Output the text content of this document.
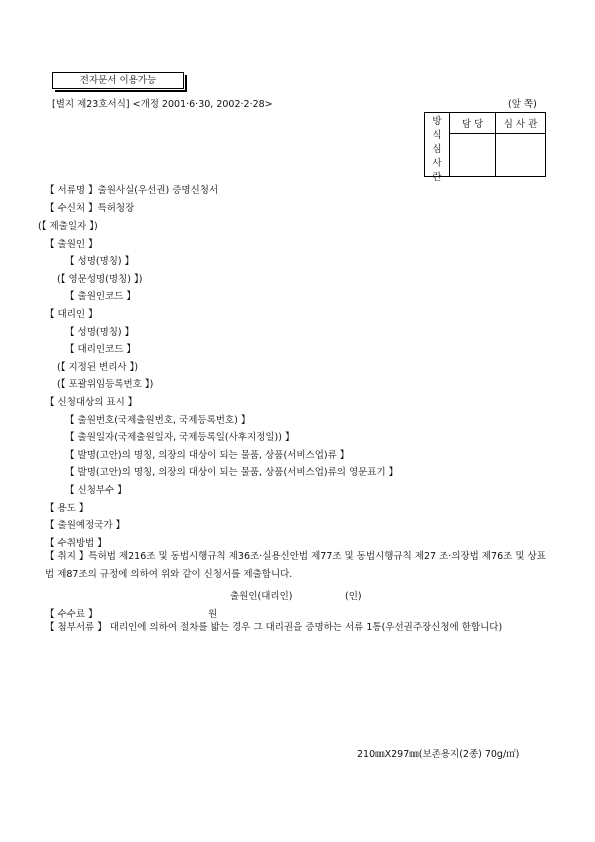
전자문서 이용가능
[별지 제23호서식] <개정 2001·6·30, 2002·2·28>	(앞 쪽)
방
식
심
사
란	담 당	심 사 관

【 서류명 】출원사실(우선권) 증명신청서
【 수신처 】특허청장
(【 제출일자 】)
【 출원인 】
【 성명(명칭) 】
(【 영문성명(명칭) 】)
【 출원인코드 】
【 대리인 】
【 성명(명칭) 】
【 대리인코드 】
(【 지정된 변리사 】)
(【 포괄위임등록번호 】)
【 신청대상의 표시 】
【 출원번호(국제출원번호, 국제등록번호) 】
【 출원일자(국제출원일자, 국제등록일(사후지정일)) 】
【 발명(고안)의 명칭, 의장의 대상이 되는 물품, 상품(서비스업)류 】
【 발명(고안)의 명칭, 의장의 대상이 되는 물품, 상품(서비스업)류의 영문표기 】
【 신청부수 】
【 용도 】
【 출원예정국가 】
【 수취방법 】
【 취지 】특허법 제216조 및 동법시행규칙 제36조·실용신안법 제77조 및 동법시행규칙 제27 조·의장법 제76조 및 상표법 제87조의 규정에 의하여 위와 같이 신청서를 제출합니다.
출원인(대리인)	(인)
【 수수료 】	원
【 첨부서류 】 대리인에 의하여 절차를 밟는 경우 그 대리권을 증명하는 서류 1통(우선권주장신청에 한합니다)
210㎜X297㎜(보존용지(2종) 70g/㎡)
